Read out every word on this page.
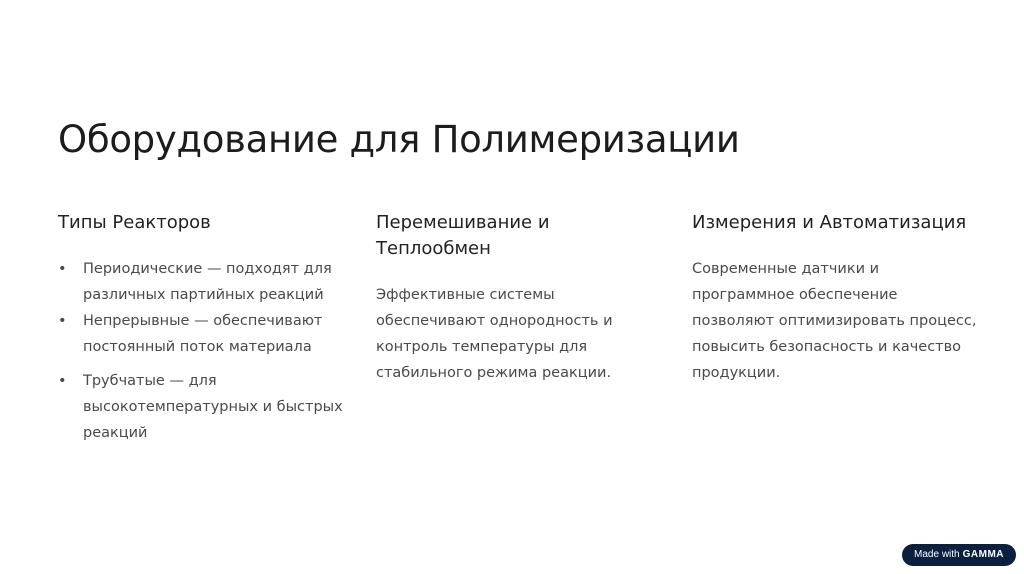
Оборудование для Полимеризации
Типы Реакторов
• Периодические — подходят для различных партийных реакций
• Непрерывные — обеспечивают постоянный поток материала
• Трубчатые — для высокотемпературных и быстрых реакций
Перемешивание и Теплообмен

Эффективные системы обеспечивают однородность и контроль температуры для стабильного режима реакции.

Измерения и Автоматизация

Современные датчики и программное обеспечение позволяют оптимизировать процесс, повысить безопасность и качество продукции.

Made with GAMMA
